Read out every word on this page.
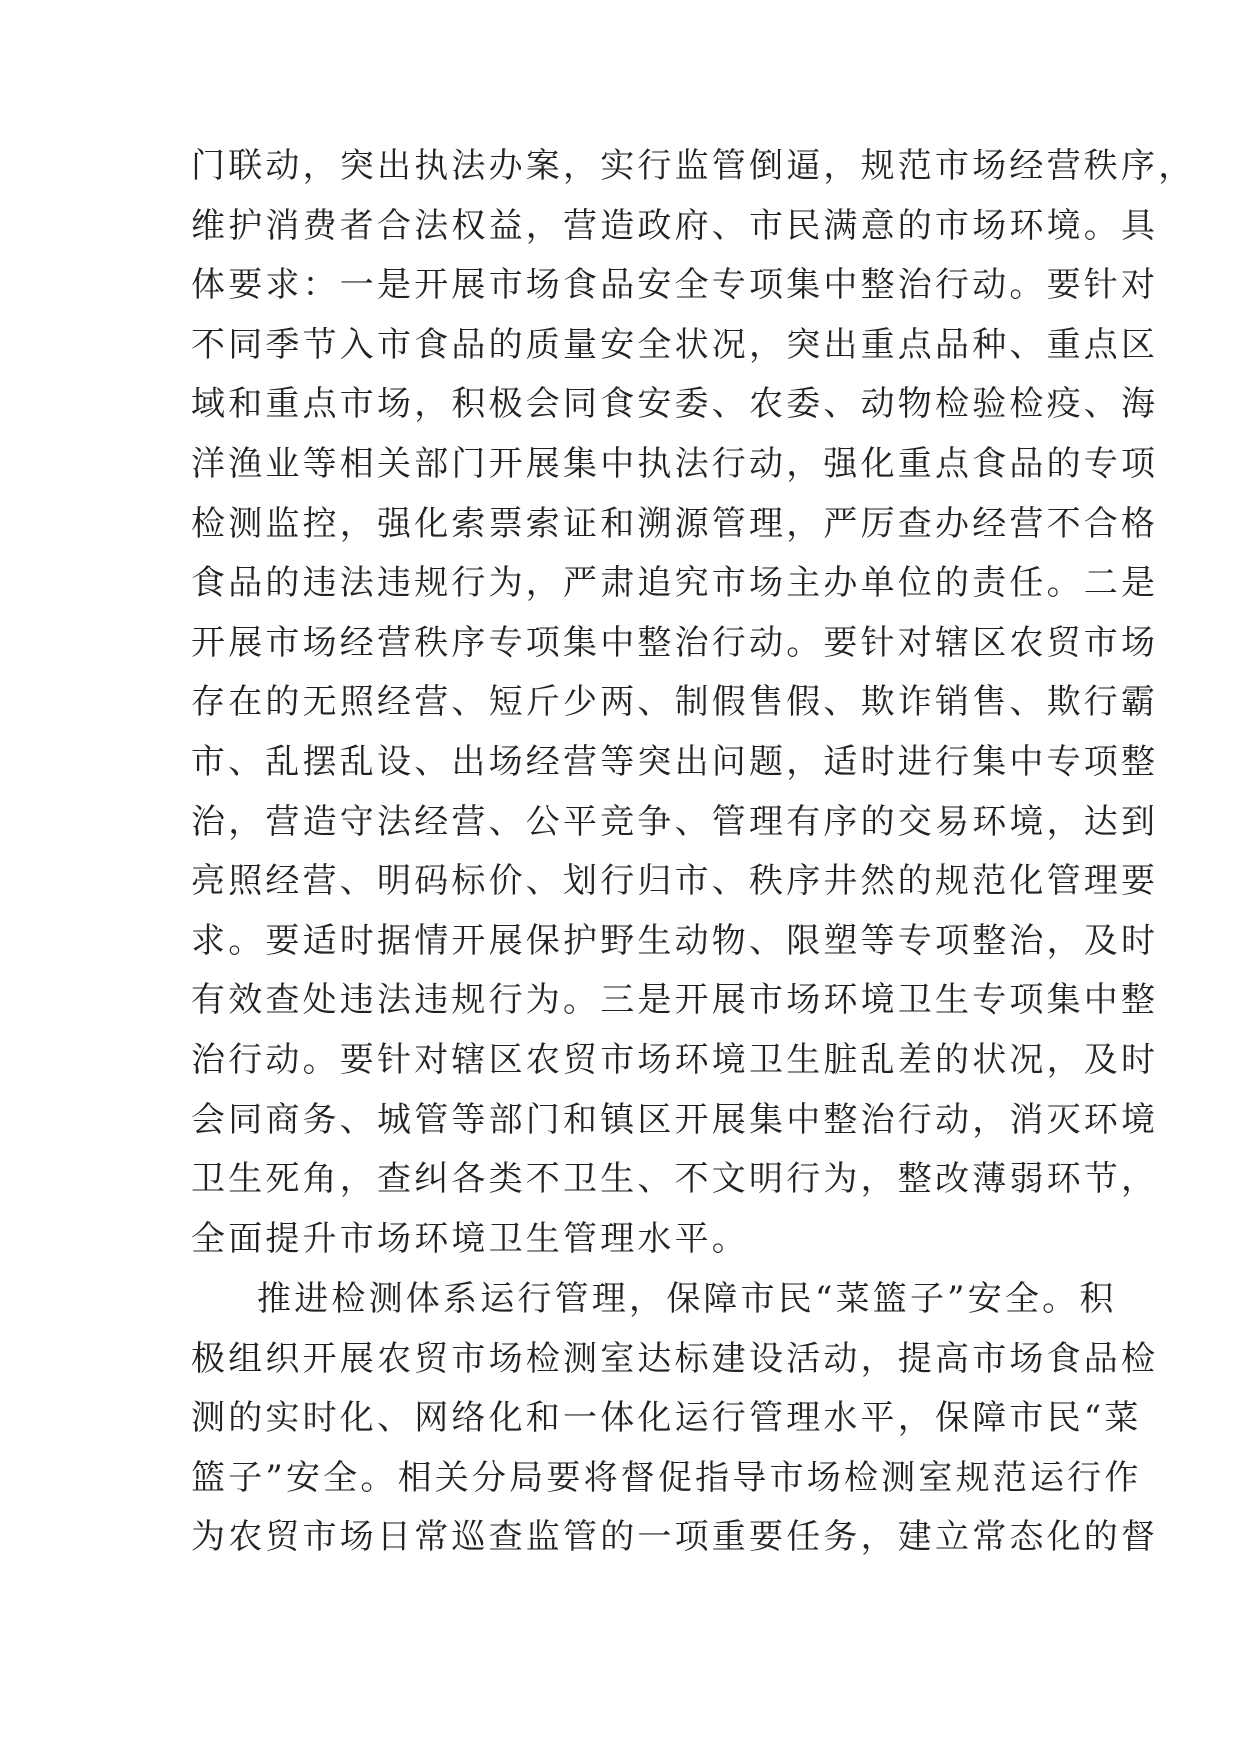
门联动，突出执法办案，实行监管倒逼，规范市场经营秩序，
维护消费者合法权益，营造政府、市民满意的市场环境。具
体要求：一是开展市场食品安全专项集中整治行动。要针对
不同季节入市食品的质量安全状况，突出重点品种、重点区
域和重点市场，积极会同食安委、农委、动物检验检疫、海
洋渔业等相关部门开展集中执法行动，强化重点食品的专项
检测监控，强化索票索证和溯源管理，严厉查办经营不合格
食品的违法违规行为，严肃追究市场主办单位的责任。二是
开展市场经营秩序专项集中整治行动。要针对辖区农贸市场
存在的无照经营、短斤少两、制假售假、欺诈销售、欺行霸
市、乱摆乱设、出场经营等突出问题，适时进行集中专项整
治，营造守法经营、公平竞争、管理有序的交易环境，达到
亮照经营、明码标价、划行归市、秩序井然的规范化管理要
求。要适时据情开展保护野生动物、限塑等专项整治，及时
有效查处违法违规行为。三是开展市场环境卫生专项集中整
治行动。要针对辖区农贸市场环境卫生脏乱差的状况，及时
会同商务、城管等部门和镇区开展集中整治行动，消灭环境
卫生死角，查纠各类不卫生、不文明行为，整改薄弱环节，
全面提升市场环境卫生管理水平。
推进检测体系运行管理，保障市民“菜篮子”安全。积
极组织开展农贸市场检测室达标建设活动，提高市场食品检
测的实时化、网络化和一体化运行管理水平，保障市民“菜
篮子”安全。相关分局要将督促指导市场检测室规范运行作
为农贸市场日常巡查监管的一项重要任务，建立常态化的督
